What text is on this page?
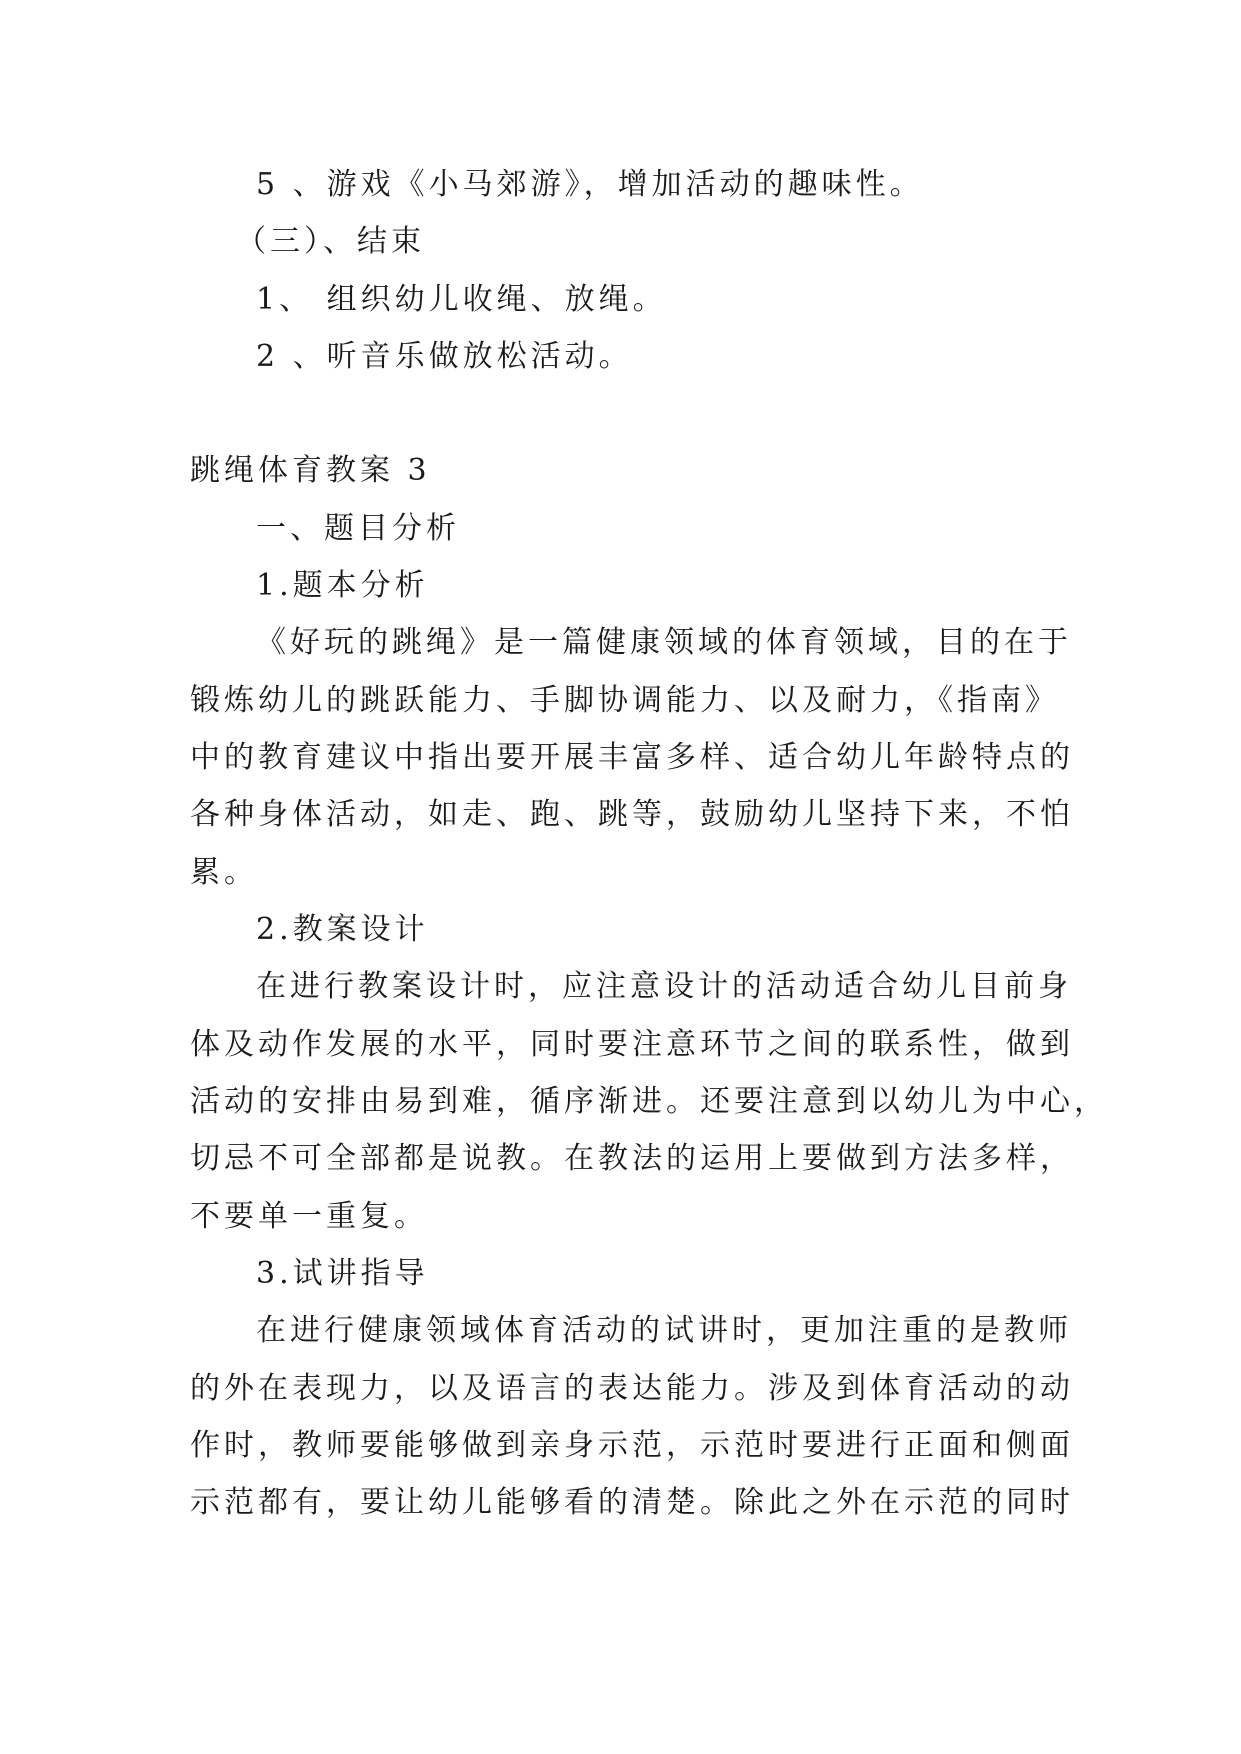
5 、游戏《小马郊游》，增加活动的趣味性。
（三）、结束
1、 组织幼儿收绳、放绳。
2 、听音乐做放松活动。
跳绳体育教案 3
一、题目分析
1.题本分析
《好玩的跳绳》是一篇健康领域的体育领域，目的在于
锻炼幼儿的跳跃能力、手脚协调能力、以及耐力，《指南》
中的教育建议中指出要开展丰富多样、适合幼儿年龄特点的
各种身体活动，如走、跑、跳等，鼓励幼儿坚持下来，不怕
累。
2.教案设计
在进行教案设计时，应注意设计的活动适合幼儿目前身
体及动作发展的水平，同时要注意环节之间的联系性，做到
活动的安排由易到难，循序渐进。还要注意到以幼儿为中心，
切忌不可全部都是说教。在教法的运用上要做到方法多样，
不要单一重复。
3.试讲指导
在进行健康领域体育活动的试讲时，更加注重的是教师
的外在表现力，以及语言的表达能力。涉及到体育活动的动
作时，教师要能够做到亲身示范，示范时要进行正面和侧面
示范都有，要让幼儿能够看的清楚。除此之外在示范的同时
